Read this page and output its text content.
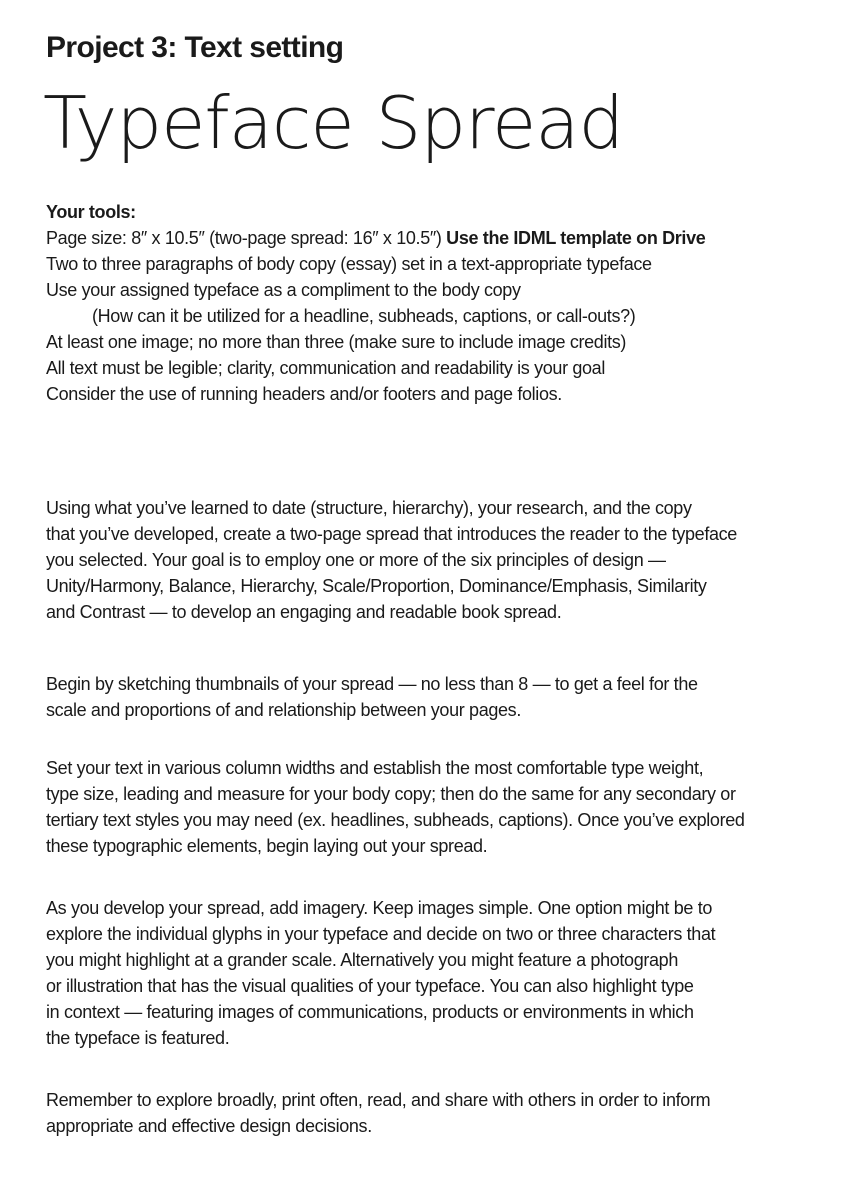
Project 3: Text setting
Typeface Spread
Your tools:
Page size: 8″ x 10.5″ (two-page spread: 16″ x 10.5″) Use the IDML template on Drive
Two to three paragraphs of body copy (essay) set in a text-appropriate typeface
Use your assigned typeface as a compliment to the body copy
(How can it be utilized for a headline, subheads, captions, or call-outs?)
At least one image; no more than three (make sure to include image credits)
All text must be legible; clarity, communication and readability is your goal
Consider the use of running headers and/or footers and page folios.

Using what you’ve learned to date (structure, hierarchy), your research, and the copy
that you’ve developed, create a two-page spread that introduces the reader to the typeface
you selected. Your goal is to employ one or more of the six principles of design —
Unity/Harmony, Balance, Hierarchy, Scale/Proportion, Dominance/Emphasis, Similarity
and Contrast — to develop an engaging and readable book spread.

Begin by sketching thumbnails of your spread — no less than 8 — to get a feel for the
scale and proportions of and relationship between your pages.

Set your text in various column widths and establish the most comfortable type weight,
type size, leading and measure for your body copy; then do the same for any secondary or
tertiary text styles you may need (ex. headlines, subheads, captions). Once you’ve explored
these typographic elements, begin laying out your spread.

As you develop your spread, add imagery. Keep images simple. One option might be to
explore the individual glyphs in your typeface and decide on two or three characters that
you might highlight at a grander scale. Alternatively you might feature a photograph
or illustration that has the visual qualities of your typeface. You can also highlight type
in context — featuring images of communications, products or environments in which
the typeface is featured.

Remember to explore broadly, print often, read, and share with others in order to inform
appropriate and effective design decisions.
